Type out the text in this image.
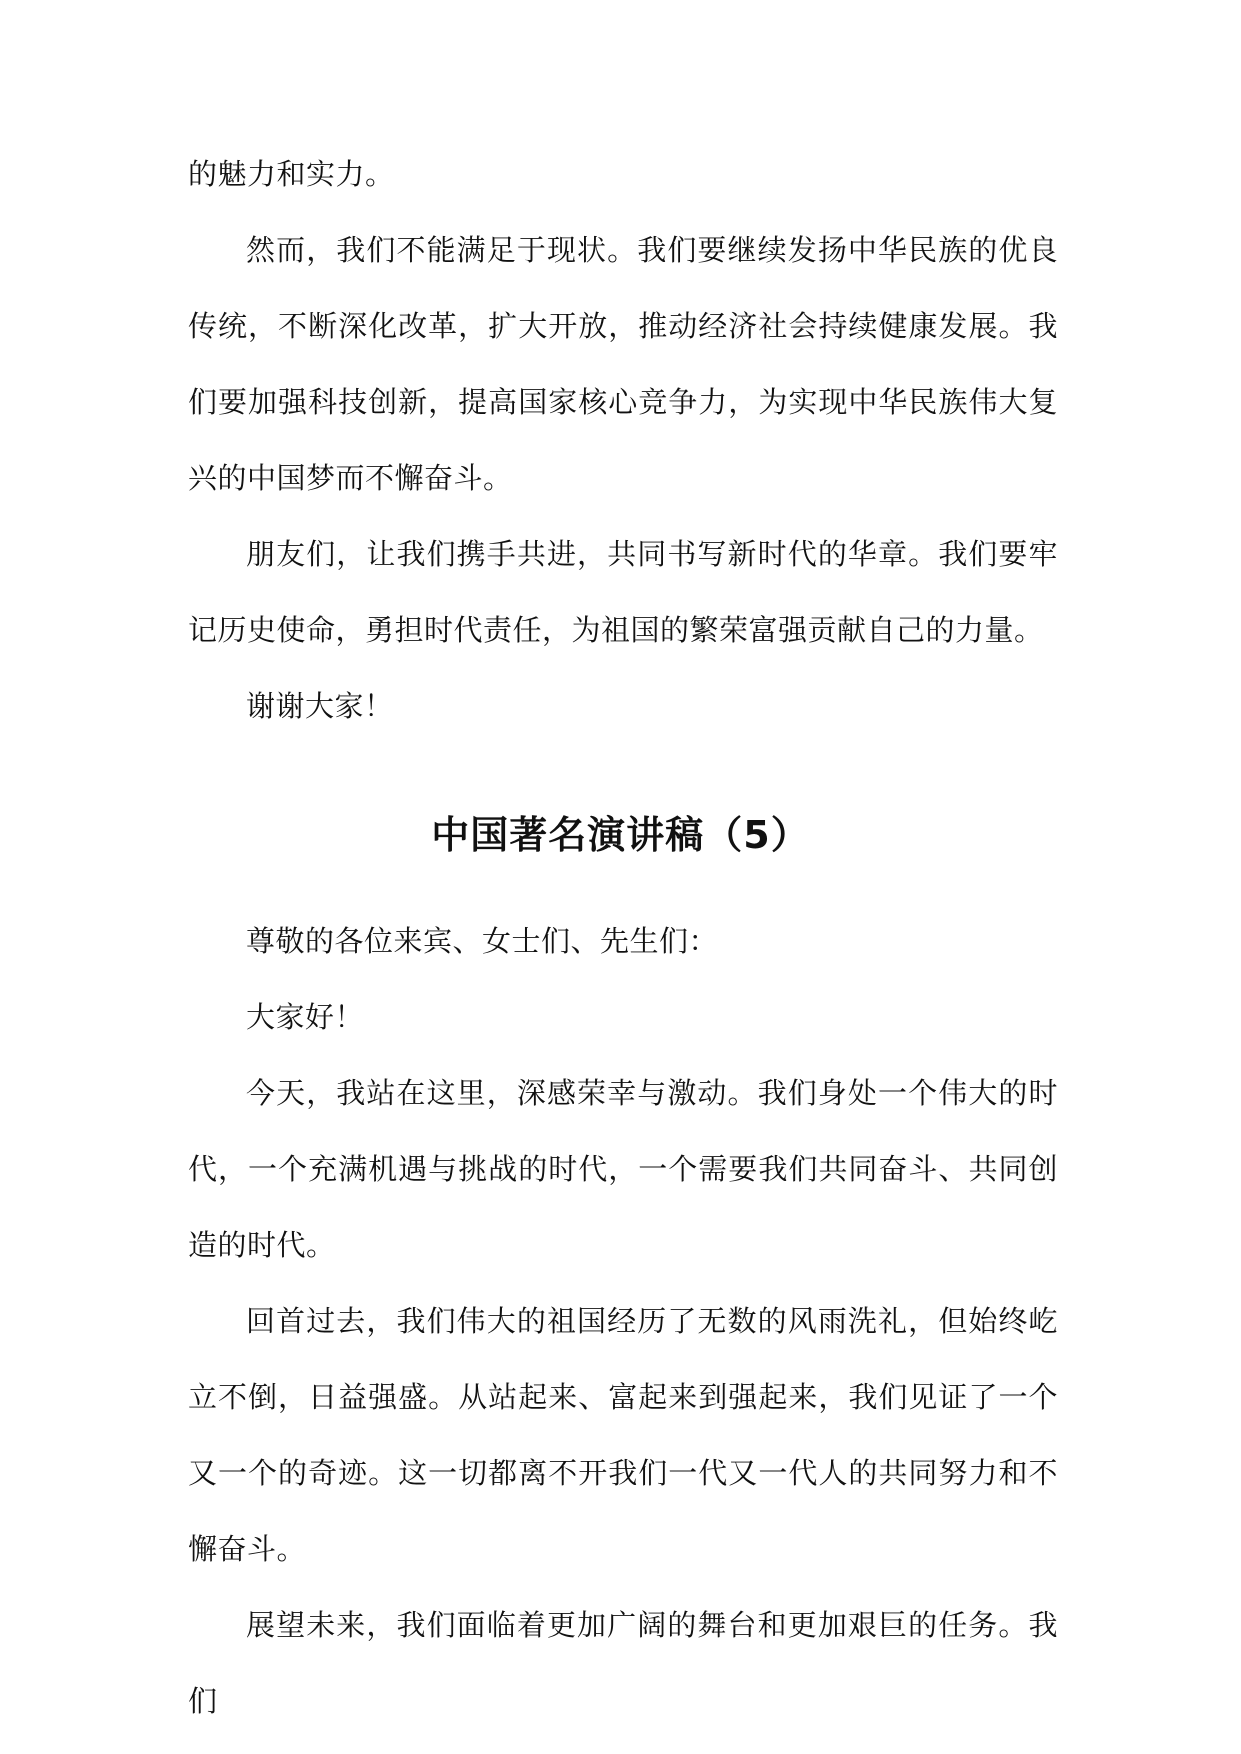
的魅力和实力。

然而，我们不能满足于现状。我们要继续发扬中华民族的优良传统，不断深化改革，扩大开放，推动经济社会持续健康发展。我们要加强科技创新，提高国家核心竞争力，为实现中华民族伟大复兴的中国梦而不懈奋斗。

朋友们，让我们携手共进，共同书写新时代的华章。我们要牢记历史使命，勇担时代责任，为祖国的繁荣富强贡献自己的力量。

谢谢大家！

中国著名演讲稿（5）

尊敬的各位来宾、女士们、先生们：

大家好！

今天，我站在这里，深感荣幸与激动。我们身处一个伟大的时代，一个充满机遇与挑战的时代，一个需要我们共同奋斗、共同创造的时代。

回首过去，我们伟大的祖国经历了无数的风雨洗礼，但始终屹立不倒，日益强盛。从站起来、富起来到强起来，我们见证了一个又一个的奇迹。这一切都离不开我们一代又一代人的共同努力和不懈奋斗。

展望未来，我们面临着更加广阔的舞台和更加艰巨的任务。我们
